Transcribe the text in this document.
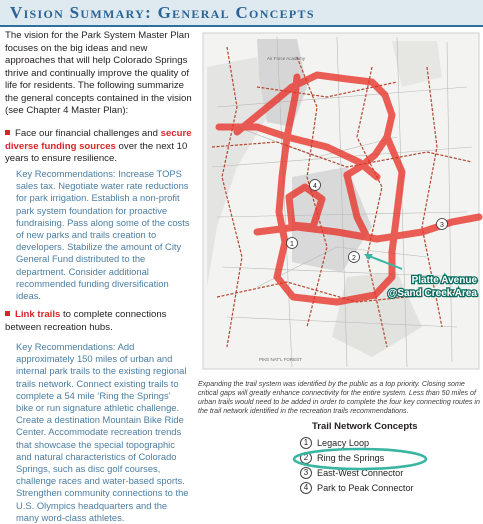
Vision Summary: General Concepts

The vision for the Park System Master Plan focuses on the big ideas and new approaches that will help Colorado Springs thrive and continually improve the quality of life for residents. The following summarize the general concepts contained in the vision (see Chapter 4 Master Plan):

Face our financial challenges and secure diverse funding sources over the next 10 years to ensure resilience.

Key Recommendations: Increase TOPS sales tax. Negotiate water rate reductions for park irrigation. Establish a non-profit park system foundation for proactive fundraising. Pass along some of the costs of new parks and trails creation to developers. Stabilize the amount of City General Fund distributed to the department. Consider additional recommended funding diversification ideas.

Link trails to complete connections between recreation hubs.

Key Recommendations: Add approximately 150 miles of urban and internal park trails to the existing regional trails network. Connect existing trails to complete a 54 mile ‘Ring the Springs’ bike or run signature athletic challenge. Create a destination Mountain Bike Ride Center. Accommodate recreation trends that showcase the special topographic and natural characteristics of Colorado Springs, such as disc golf courses, challenge races and water-based sports. Strengthen community connections to the U.S. Olympics headquarters and the many word-class athletes.

1
2
3
4
Air Force Academy
PIKE NAT'L FOREST
Platte Avenue
@Sand Creek Area

Expanding the trail system was identified by the public as a top priority. Closing some critical gaps will greatly enhance connectivity for the entire system. Less than 50 miles of urban trails would need to be added in order to complete the four key connecting routes in the trail network identified in the recreation trails recommendations.

Trail Network Concepts
1 Legacy Loop
2 Ring the Springs
3 East-West Connector
4 Park to Peak Connector
